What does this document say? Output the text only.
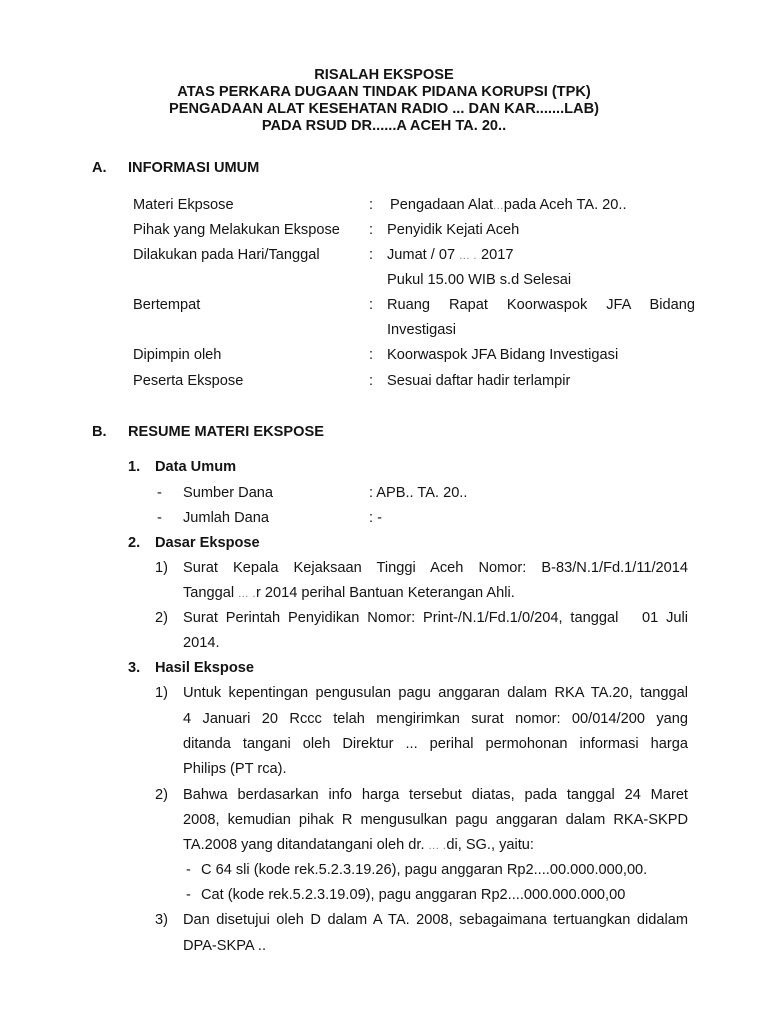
RISALAH EKSPOSE
ATAS PERKARA DUGAAN TINDAK PIDANA KORUPSI (TPK)
PENGADAAN ALAT KESEHATAN RADIO ... DAN KAR.......LAB)
PADA RSUD DR......A ACEH TA. 20..
A. INFORMASI UMUM
Materi Ekpsose	: Pengadaan Alat...pada Aceh TA. 20..
Pihak yang Melakukan Ekspose : Penyidik Kejati Aceh
Dilakukan pada Hari/Tanggal	: Jumat / 07 ... . 2017
Pukul 15.00 WIB s.d Selesai
Bertempat	: Ruang Rapat Koorwaspok JFA Bidang
Investigasi
Dipimpin oleh	: Koorwaspok JFA Bidang Investigasi
Peserta Ekspose	: Sesuai daftar hadir terlampir
B. RESUME MATERI EKSPOSE
1. Data Umum
- Sumber Dana	: APB.. TA. 20..
- Jumlah Dana	: -
2. Dasar Ekspose
1) Surat Kepala Kejaksaan Tinggi Aceh Nomor: B-83/N.1/Fd.1/11/2014
Tanggal ... .r 2014 perihal Bantuan Keterangan Ahli.
2) Surat Perintah Penyidikan Nomor: Print-/N.1/Fd.1/0/204, tanggal   01 Juli
2014.
3. Hasil Ekspose
1) Untuk kepentingan pengusulan pagu anggaran dalam RKA TA.20, tanggal
4 Januari 20 Rccc telah mengirimkan surat nomor: 00/014/200 yang
ditanda tangani oleh Direktur ... perihal permohonan informasi harga
Philips (PT rca).
2) Bahwa berdasarkan info harga tersebut diatas, pada tanggal 24 Maret
2008, kemudian pihak R mengusulkan pagu anggaran dalam RKA-SKPD
TA.2008 yang ditandatangani oleh dr. ... .di, SG., yaitu:
- C 64 sli (kode rek.5.2.3.19.26), pagu anggaran Rp2....00.000.000,00.
- Cat (kode rek.5.2.3.19.09), pagu anggaran Rp2....000.000.000,00
3) Dan disetujui oleh D dalam A TA. 2008, sebagaimana tertuangkan didalam
DPA-SKPA ..
